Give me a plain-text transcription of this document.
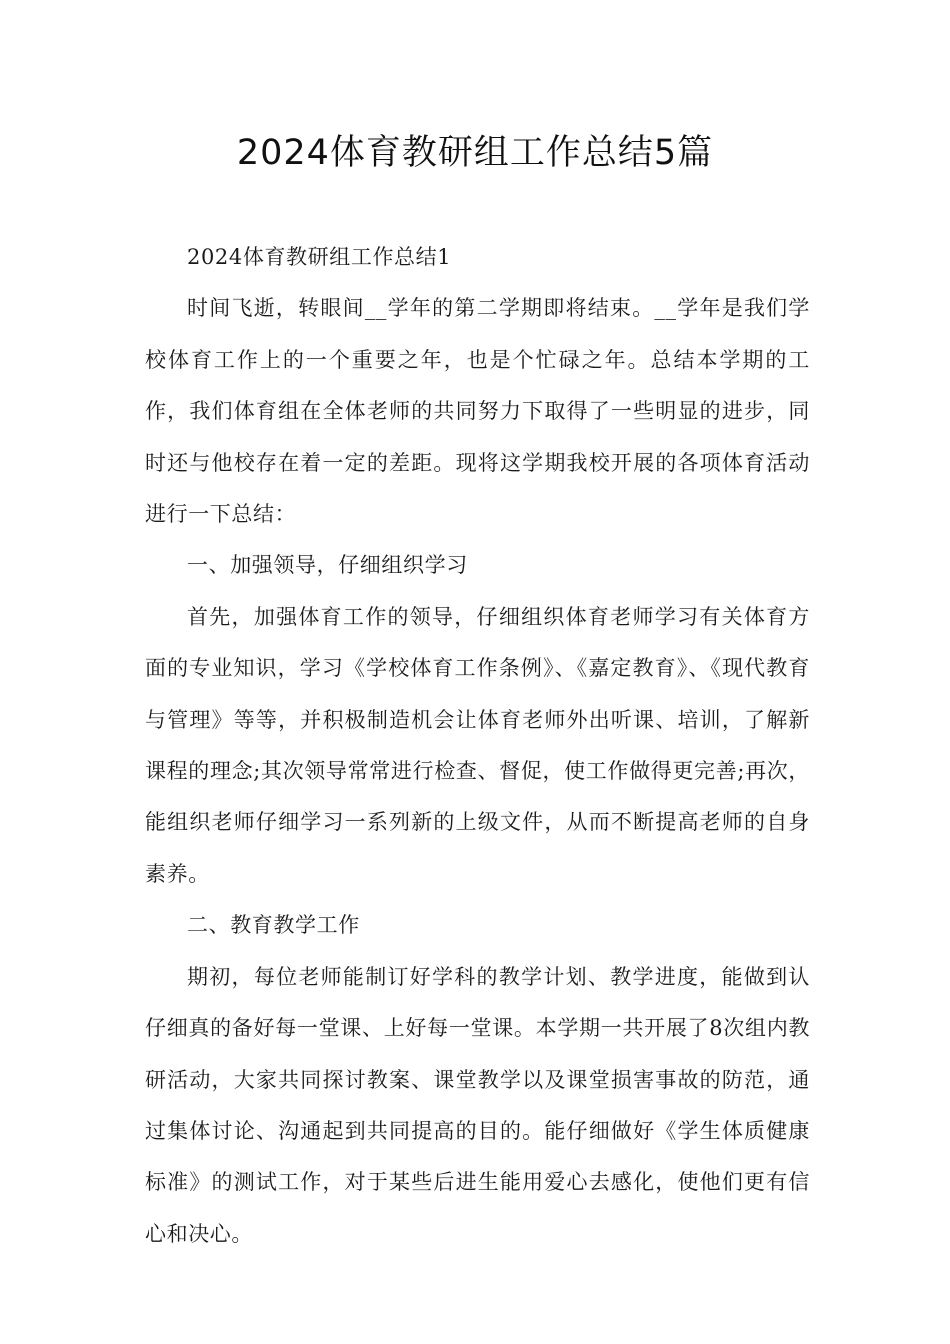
2024体育教研组工作总结5篇

2024体育教研组工作总结1

时间飞逝，转眼间__学年的第二学期即将结束。__学年是我们学校体育工作上的一个重要之年，也是个忙碌之年。总结本学期的工作，我们体育组在全体老师的共同努力下取得了一些明显的进步，同时还与他校存在着一定的差距。现将这学期我校开展的各项体育活动进行一下总结：

一、加强领导，仔细组织学习

首先，加强体育工作的领导，仔细组织体育老师学习有关体育方面的专业知识，学习《学校体育工作条例》、《嘉定教育》、《现代教育与管理》等等，并积极制造机会让体育老师外出听课、培训，了解新课程的理念;其次领导常常进行检查、督促，使工作做得更完善;再次，能组织老师仔细学习一系列新的上级文件，从而不断提高老师的自身素养。

二、教育教学工作

期初，每位老师能制订好学科的教学计划、教学进度，能做到认仔细真的备好每一堂课、上好每一堂课。本学期一共开展了8次组内教研活动，大家共同探讨教案、课堂教学以及课堂损害事故的防范，通过集体讨论、沟通起到共同提高的目的。能仔细做好《学生体质健康标准》的测试工作，对于某些后进生能用爱心去感化，使他们更有信心和决心。
